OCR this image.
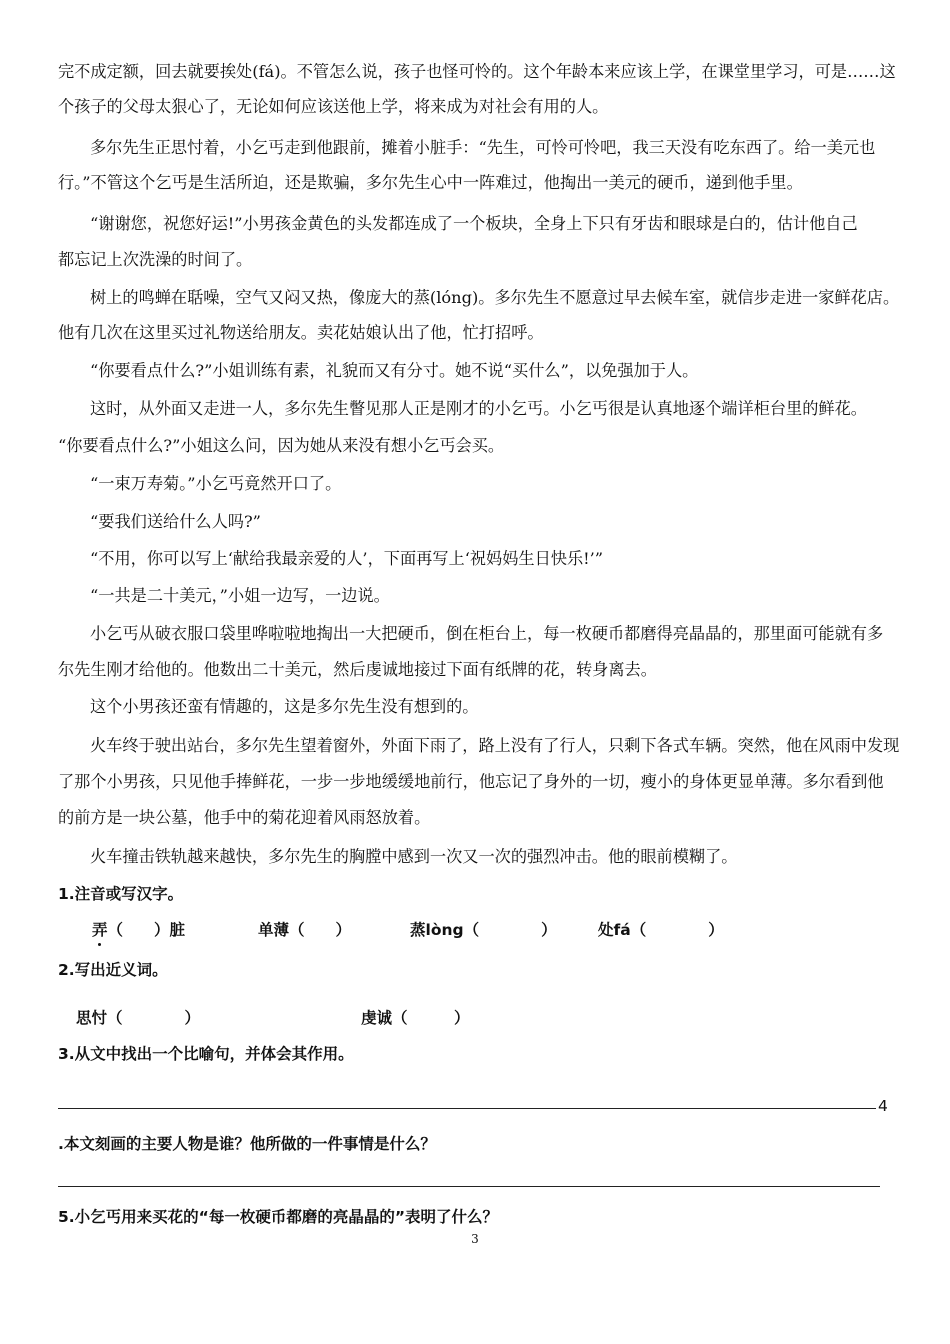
完不成定额，回去就要挨处(fá)。不管怎么说，孩子也怪可怜的。这个年龄本来应该上学，在课堂里学习，可是……这
个孩子的父母太狠心了，无论如何应该送他上学，将来成为对社会有用的人。
多尔先生正思忖着，小乞丐走到他跟前，摊着小脏手：“先生，可怜可怜吧，我三天没有吃东西了。给一美元也
行。”不管这个乞丐是生活所迫，还是欺骗，多尔先生心中一阵难过，他掏出一美元的硬币，递到他手里。
“谢谢您，祝您好运!”小男孩金黄色的头发都连成了一个板块，全身上下只有牙齿和眼球是白的，估计他自己
都忘记上次洗澡的时间了。
树上的鸣蝉在聒噪，空气又闷又热，像庞大的蒸(lóng)。多尔先生不愿意过早去候车室，就信步走进一家鲜花店。
他有几次在这里买过礼物送给朋友。卖花姑娘认出了他，忙打招呼。
“你要看点什么?”小姐训练有素，礼貌而又有分寸。她不说“买什么”，以免强加于人。
这时，从外面又走进一人，多尔先生瞥见那人正是刚才的小乞丐。小乞丐很是认真地逐个端详柜台里的鲜花。
“你要看点什么?”小姐这么问，因为她从来没有想小乞丐会买。
“一束万寿菊。”小乞丐竟然开口了。
“要我们送给什么人吗?”
“不用，你可以写上‘献给我最亲爱的人’，下面再写上‘祝妈妈生日快乐!’”
“一共是二十美元，”小姐一边写，一边说。
小乞丐从破衣服口袋里哗啦啦地掏出一大把硬币，倒在柜台上，每一枚硬币都磨得亮晶晶的，那里面可能就有多
尔先生刚才给他的。他数出二十美元，然后虔诚地接过下面有纸牌的花，转身离去。
这个小男孩还蛮有情趣的，这是多尔先生没有想到的。
火车终于驶出站台，多尔先生望着窗外，外面下雨了，路上没有了行人，只剩下各式车辆。突然，他在风雨中发现
了那个小男孩，只见他手捧鲜花，一步一步地缓缓地前行，他忘记了身外的一切，瘦小的身体更显单薄。多尔看到他
的前方是一块公墓，他手中的菊花迎着风雨怒放着。
火车撞击铁轨越来越快，多尔先生的胸膛中感到一次又一次的强烈冲击。他的眼前模糊了。
1.注音或写汉字。
弄（　　）脏	单薄（　　）	蒸lòng（　　　　）	处fá（　　　　）
2.写出近义词。
思忖（　　　　）	虔诚（　　　）
3.从文中找出一个比喻句，并体会其作用。
4
.本文刻画的主要人物是谁？他所做的一件事情是什么？
5.小乞丐用来买花的“每一枚硬币都磨的亮晶晶的”表明了什么？
3
